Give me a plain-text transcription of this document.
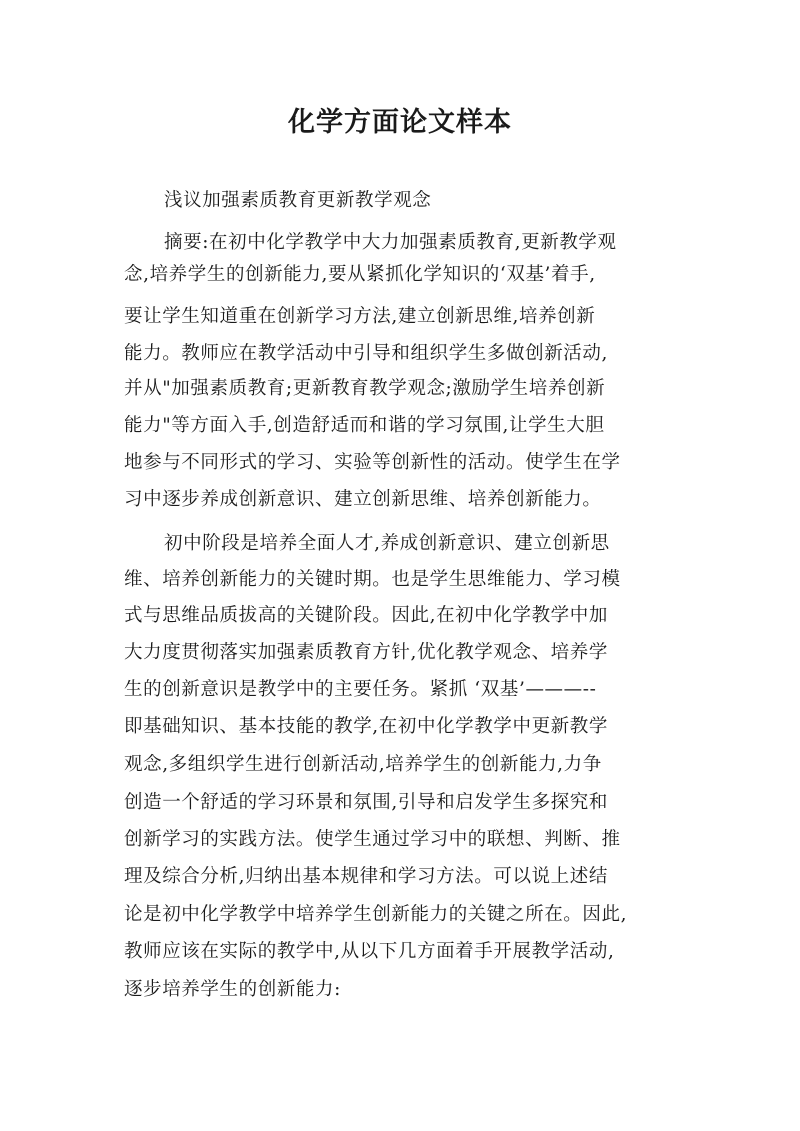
化学方面论文样本
浅议加强素质教育更新教学观念
摘要:在初中化学教学中大力加强素质教育,更新教学观
念,培养学生的创新能力,要从紧抓化学知识的‘双基’着手,
要让学生知道重在创新学习方法,建立创新思维,培养创新
能力。教师应在教学活动中引导和组织学生多做创新活动,
并从"加强素质教育;更新教育教学观念;激励学生培养创新
能力"等方面入手,创造舒适而和谐的学习氛围,让学生大胆
地参与不同形式的学习、实验等创新性的活动。使学生在学
习中逐步养成创新意识、建立创新思维、培养创新能力。
初中阶段是培养全面人才,养成创新意识、建立创新思
维、培养创新能力的关键时期。也是学生思维能力、学习模
式与思维品质拔高的关键阶段。因此,在初中化学教学中加
大力度贯彻落实加强素质教育方针,优化教学观念、培养学
生的创新意识是教学中的主要任务。紧抓 ‘双基’———--
即基础知识、基本技能的教学,在初中化学教学中更新教学
观念,多组织学生进行创新活动,培养学生的创新能力,力争
创造一个舒适的学习环景和氛围,引导和启发学生多探究和
创新学习的实践方法。使学生通过学习中的联想、判断、推
理及综合分析,归纳出基本规律和学习方法。可以说上述结
论是初中化学教学中培养学生创新能力的关键之所在。因此,
教师应该在实际的教学中,从以下几方面着手开展教学活动,
逐步培养学生的创新能力:
